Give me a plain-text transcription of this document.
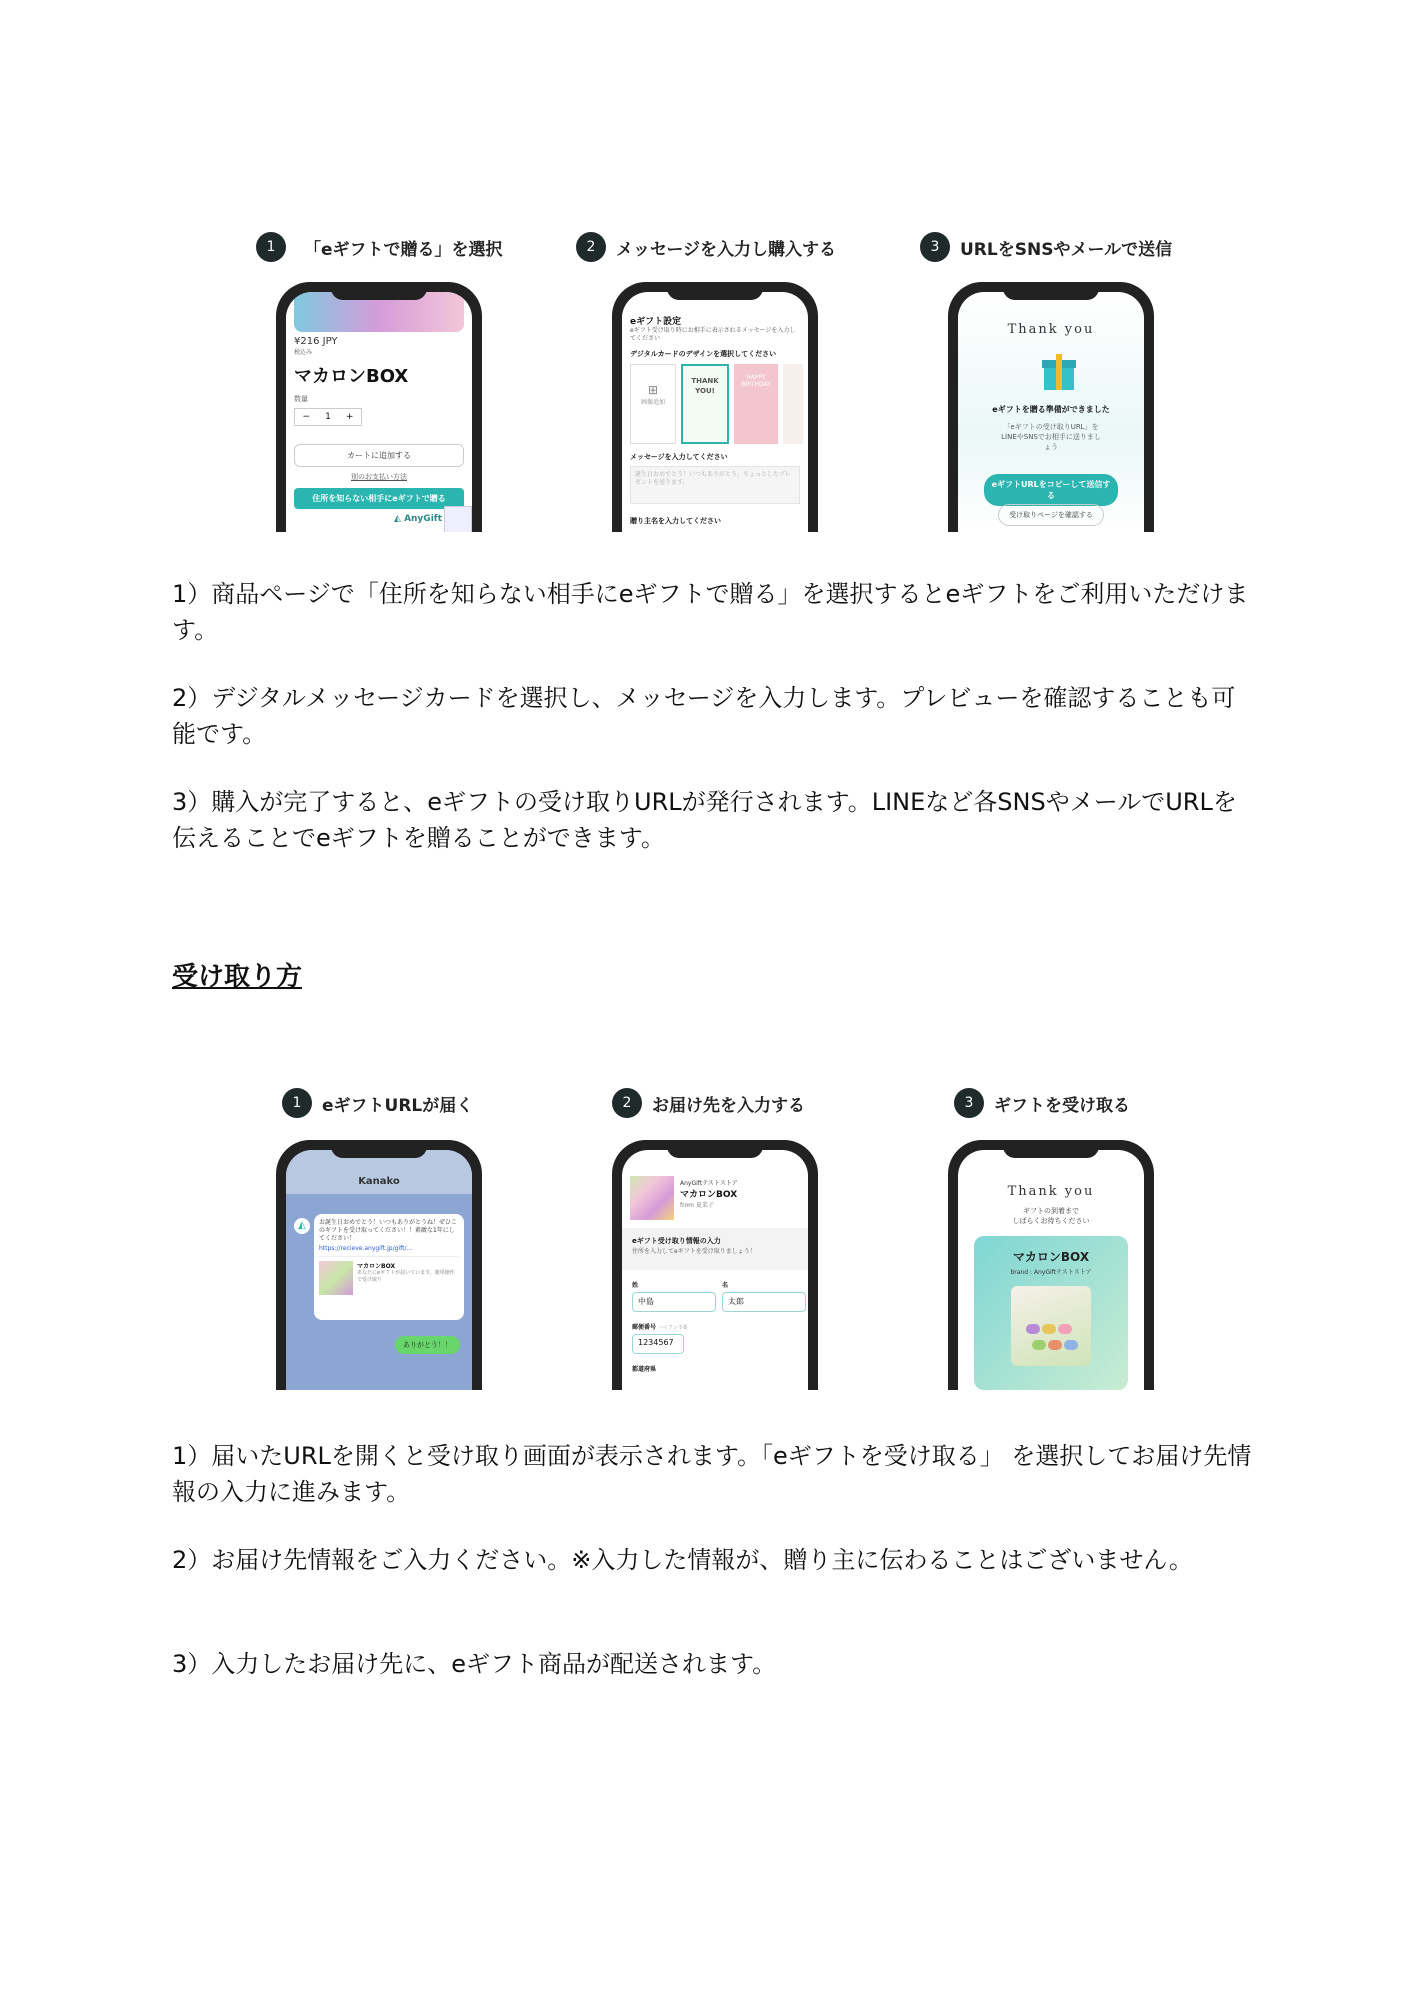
1	「eギフトで贈る」を選択	2	メッセージを入力し購入する	3	URLをSNSやメールで送信
¥216 JPY
税込み
マカロンBOX
数量
− 1 +
カートに追加する
別のお支払い方法
住所を知らない相手にeギフトで贈る
◭ AnyGift
eギフト設定
eギフト受け取り時にお相手に表示されるメッセージを入力してください
デジタルカードのデザインを選択してください
⊞
画像追加
THANK YOU!
HAPPY BIRTHDAY
メッセージを入力してください
誕生日おめでとう！いつもありがとう。ちょっとしたプレゼントを送ります。
贈り主名を入力してください
Thank you
eギフトを贈る準備ができました
「eギフトの受け取りURL」をLINEやSNSでお相手に送りましょう
eギフトURLをコピーして送信する
受け取りページを確認する
1）商品ページで「住所を知らない相手にeギフトで贈る」を選択するとeギフトをご利用いただけます。
2）デジタルメッセージカードを選択し、メッセージを入力します。プレビューを確認することも可能です。
3）購入が完了すると、eギフトの受け取りURLが発行されます。LINEなど各SNSやメールでURLを伝えることでeギフトを贈ることができます。
受け取り方
1	eギフトURLが届く	2	お届け先を入力する	3	ギフトを受け取る
Kanako
◭	お誕生日おめでとう！いつもありがとうね！ぜひこのギフトを受け取ってください！！素敵な1年にしてください！
https://recieve.anygift.jp/gift/...
マカロンBOX
あなたにeギフトが届いています。簡単操作で受け取り
ありがとう！！
AnyGiftテストストア
マカロンBOX
from 夏菜子
eギフト受け取り情報の入力
住所を入力してeギフトを受け取りましょう！
姓	名
中島	太郎
郵便番号 ハイフン不要
1234567
都道府県
Thank you
ギフトの到着まで
しばらくお待ちください
マカロンBOX
brand : AnyGiftテストストア
1）届いたURLを開くと受け取り画面が表示されます。「eギフトを受け取る」 を選択してお届け先情報の入力に進みます。
2）お届け先情報をご入力ください。※入力した情報が、贈り主に伝わることはございません。
3）入力したお届け先に、eギフト商品が配送されます。
